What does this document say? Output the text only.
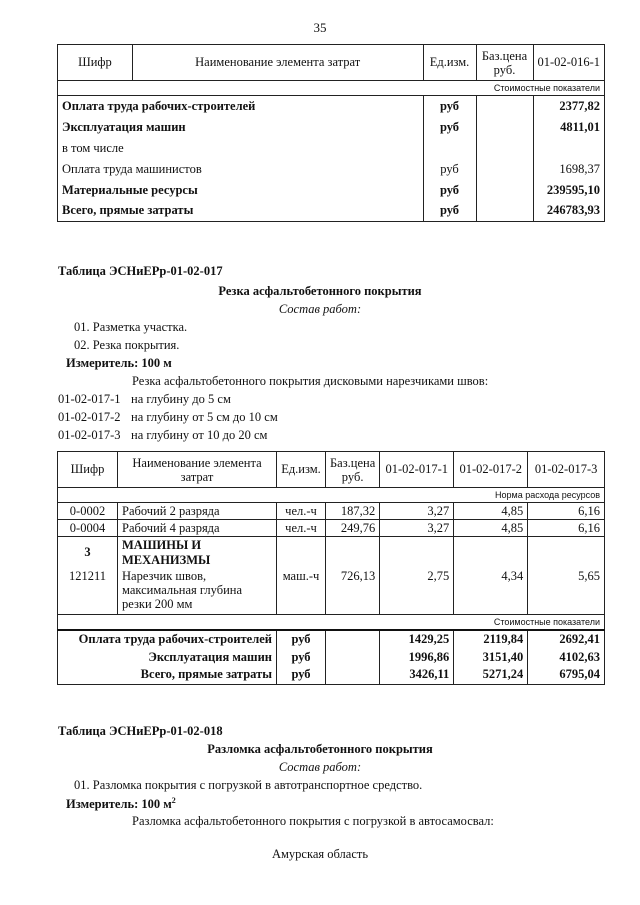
35
Шифр	Наименование элемента затрат	Ед.изм.	Баз.цена руб.	01-02-016-1
Стоимостные показатели				
Оплата труда рабочих-строителей		руб		2377,82
Эксплуатация машин		руб		4811,01
в том числе				
Оплата труда машинистов		руб		1698,37
Материальные ресурсы		руб		239595,10
Всего, прямые затраты		руб		246783,93
Таблица ЭСНиЕРр-01-02-017
Резка асфальтобетонного покрытия
Состав работ:
01. Разметка участка.
02. Резка покрытия.
Измеритель: 100 м
Резка асфальтобетонного покрытия дисковыми нарезчиками швов:
01-02-017-1 на глубину до 5 см
01-02-017-2 на глубину от 5 см до 10 см
01-02-017-3 на глубину от 10 до 20 см
Шифр	Наименование элемента затрат	Ед.изм.	Баз.цена руб.	01-02-017-1	01-02-017-2	01-02-017-3
Норма расхода ресурсов						
0-0002	Рабочий 2 разряда	чел.-ч	187,32	3,27	4,85	6,16
0-0004	Рабочий 4 разряда	чел.-ч	249,76	3,27	4,85	6,16
3	МАШИНЫ И МЕХАНИЗМЫ					
121211	Нарезчик швов, максимальная глубина резки 200 мм	маш.-ч	726,13	2,75	4,34	5,65
Стоимостные показатели						
Оплата труда рабочих-строителей		руб		1429,25	2119,84	2692,41
Эксплуатация машин		руб		1996,86	3151,40	4102,63
Всего, прямые затраты		руб		3426,11	5271,24	6795,04
Таблица ЭСНиЕРр-01-02-018
Разломка асфальтобетонного покрытия
Состав работ:
01. Разломка покрытия с погрузкой в автотранспортное средство.
Измеритель: 100 $м^2$
Разломка асфальтобетонного покрытия с погрузкой в автосамосвал:
Амурская область
